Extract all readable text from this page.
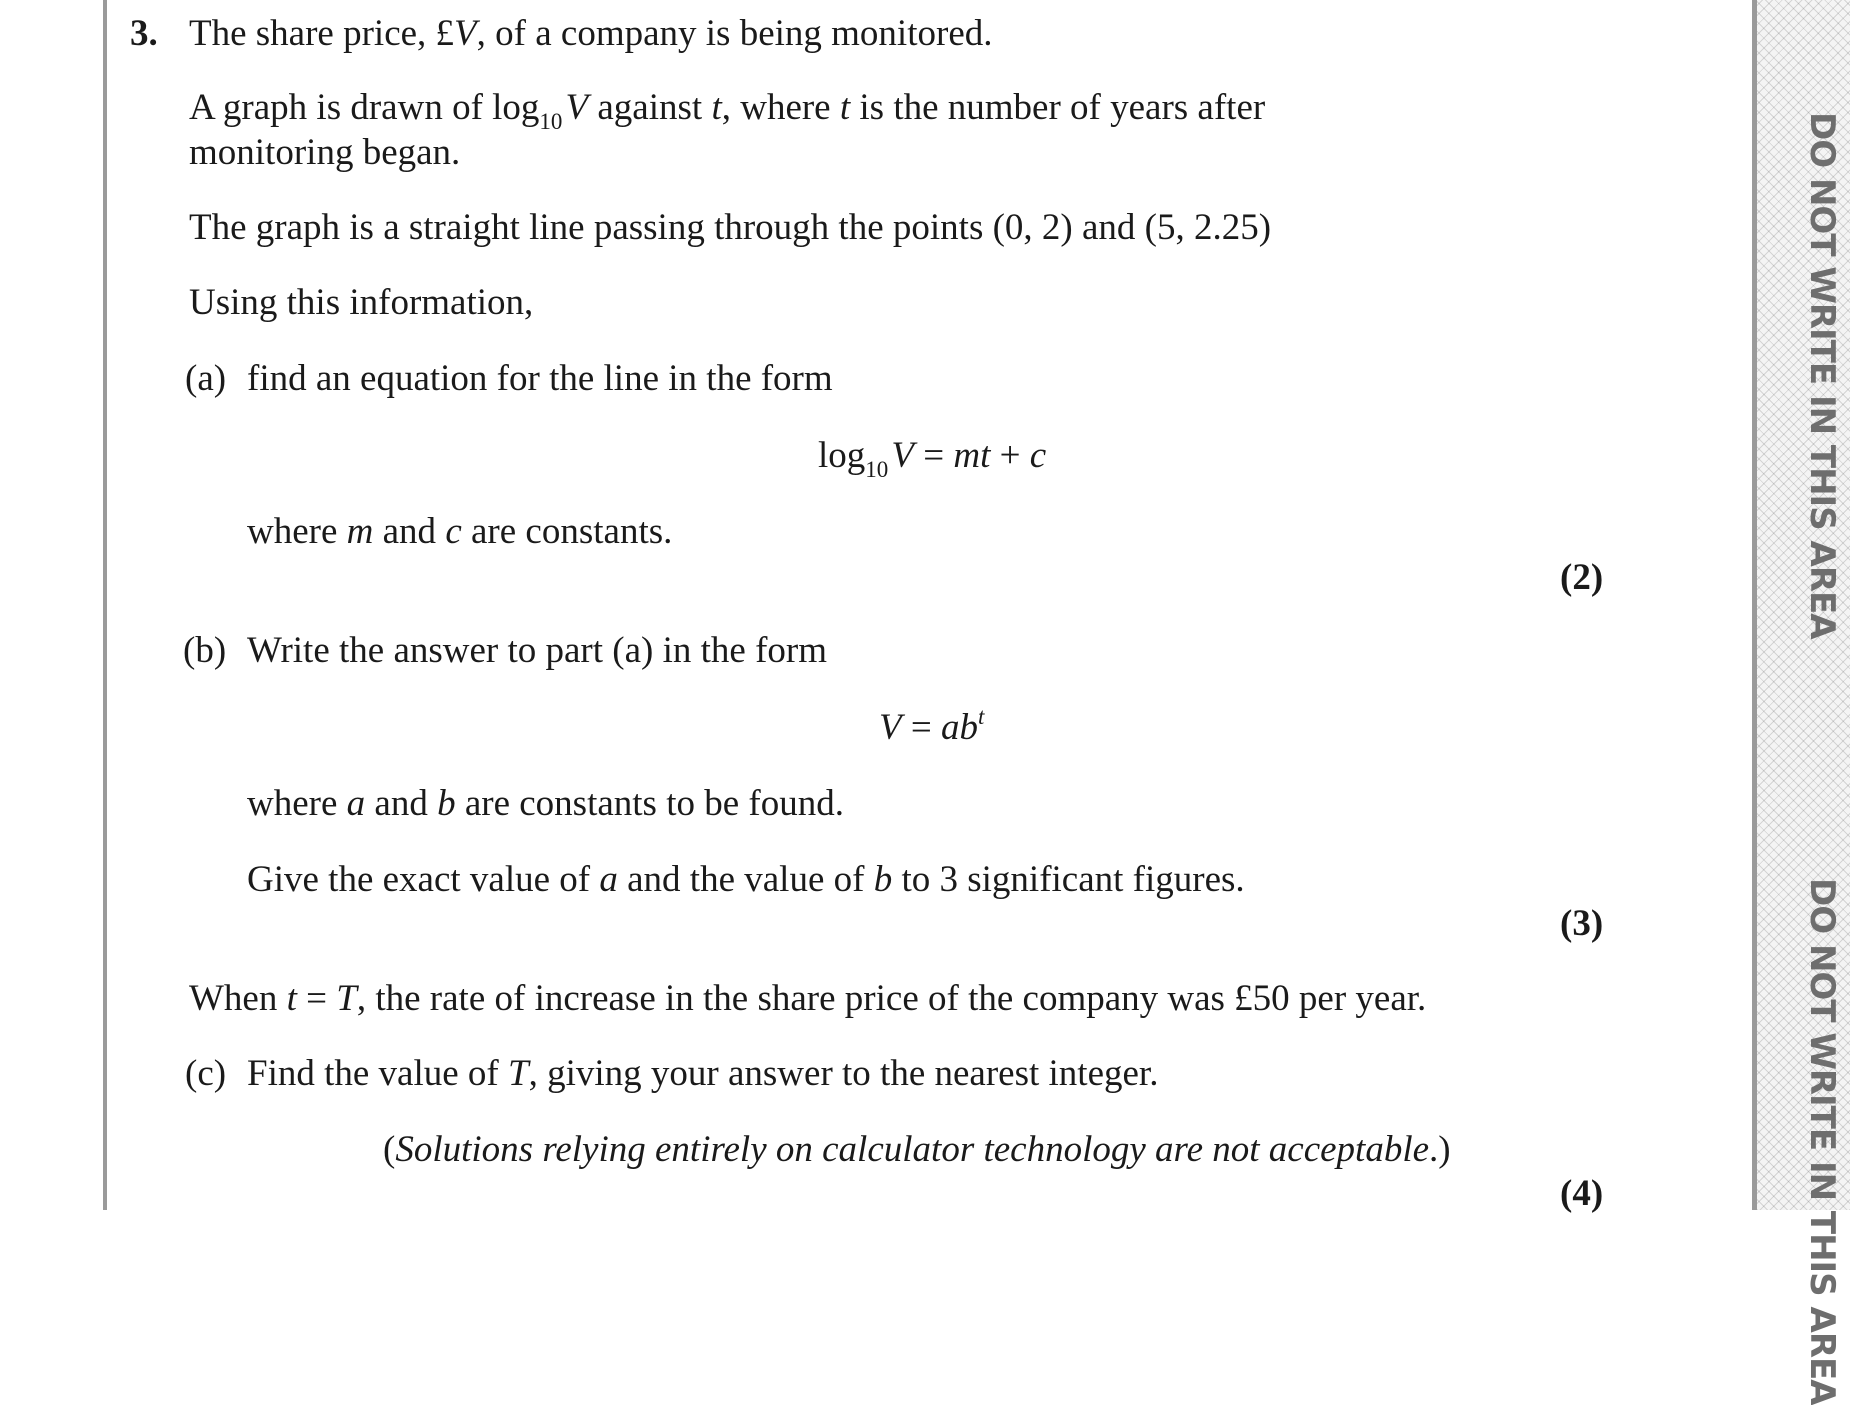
DO NOT WRITE IN THIS AREA
DO NOT WRITE IN THIS AREA
3. The share price, £V, of a company is being monitored.
A graph is drawn of $\log_{10}$ V against t, where t is the number of years after
monitoring began.
The graph is a straight line passing through the points (0, 2) and (5, 2.25)
Using this information,
(a) find an equation for the line in the form
$\log_{10}$ V = mt + c
where m and c are constants.
(2)
(b) Write the answer to part (a) in the form
$V = ab^t$
where a and b are constants to be found.
Give the exact value of a and the value of b to 3 significant figures.
(3)
When t = T, the rate of increase in the share price of the company was £50 per year.
(c) Find the value of T, giving your answer to the nearest integer.
(Solutions relying entirely on calculator technology are not acceptable.)
(4)
